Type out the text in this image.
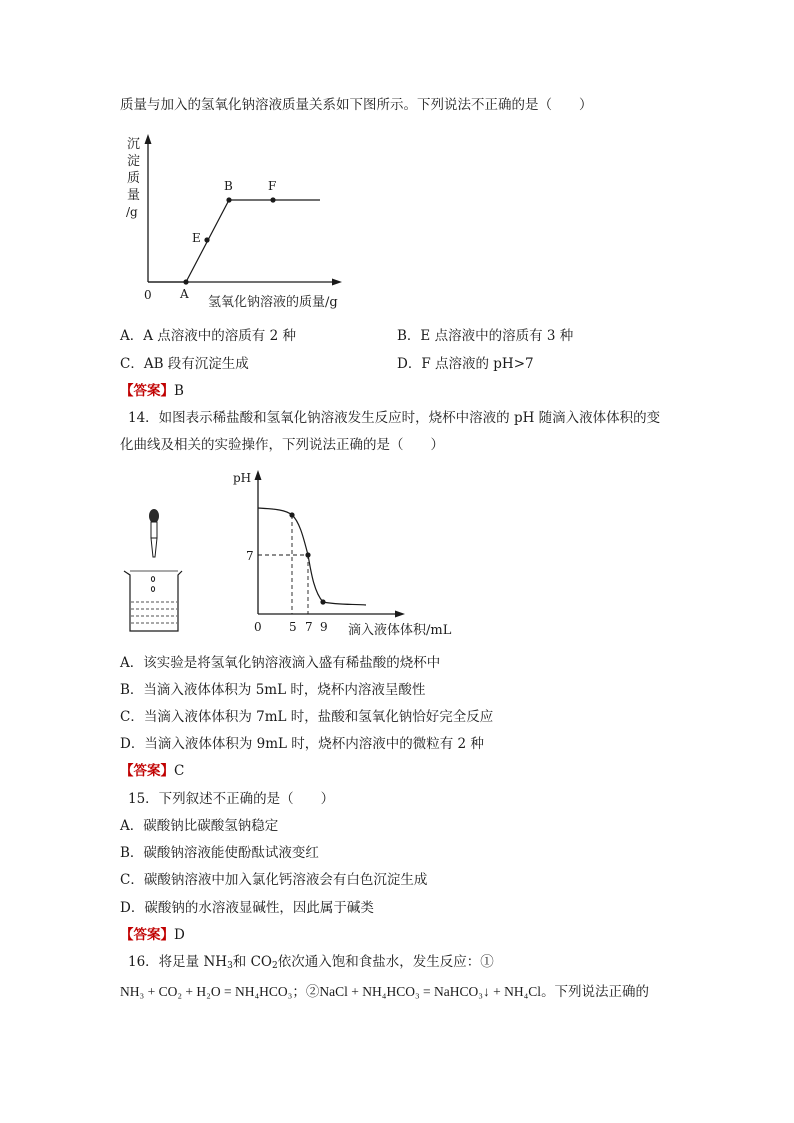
质量与加入的氢氧化钠溶液质量关系如下图所示。下列说法不正确的是（　　）
沉
淀
质
量
/g
A
E
B	F
0	氢氧化钠溶液的质量/g
A．A 点溶液中的溶质有 2 种	B．E 点溶液中的溶质有 3 种
C．AB 段有沉淀生成	D．F 点溶液的 pH>7
【答案】B
14．如图表示稀盐酸和氢氧化钠溶液发生反应时，烧杯中溶液的 pH 随滴入液体体积的变
化曲线及相关的实验操作，下列说法正确的是（　　）
pH
7
0 5 7 9 滴入液体体积/mL
A．该实验是将氢氧化钠溶液滴入盛有稀盐酸的烧杯中
B．当滴入液体体积为 5mL 时，烧杯内溶液呈酸性
C．当滴入液体体积为 7mL 时，盐酸和氢氧化钠恰好完全反应
D．当滴入液体体积为 9mL 时，烧杯内溶液中的微粒有 2 种
【答案】C
15．下列叙述不正确的是（　　）
A．碳酸钠比碳酸氢钠稳定
B．碳酸钠溶液能使酚酞试液变红
C．碳酸钠溶液中加入氯化钙溶液会有白色沉淀生成
D．碳酸钠的水溶液显碱性，因此属于碱类
【答案】D
16．将足量 $NH_3$和 $CO_2$依次通入饱和食盐水，发生反应：①
NH₃ + CO₂ + H₂O = NH₄HCO₃；②NaCl + NH₄HCO₃ = NaHCO₃↓ + NH₄Cl。下列说法正确的
